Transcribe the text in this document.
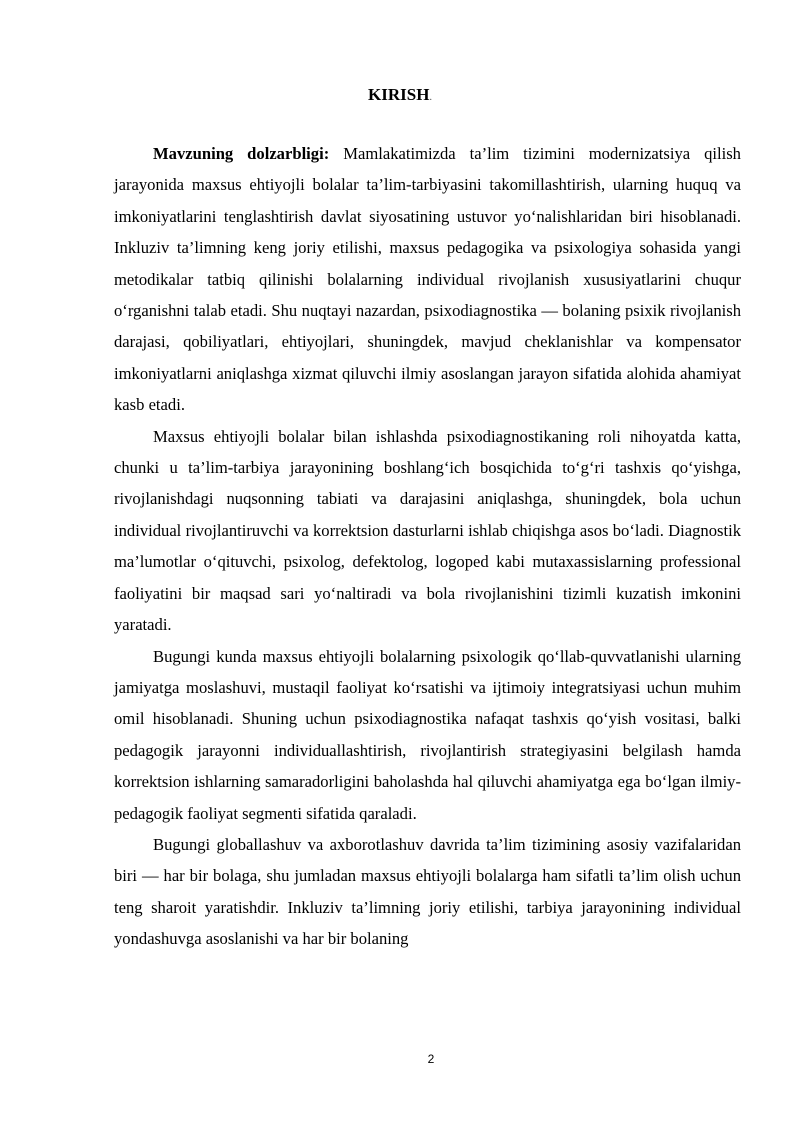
KIRISH.

Mavzuning dolzarbligi: Mamlakatimizda ta’lim tizimini modernizatsiya qilish jarayonida maxsus ehtiyojli bolalar ta’lim-tarbiyasini takomillashtirish, ularning huquq va imkoniyatlarini tenglashtirish davlat siyosatining ustuvor yo‘nalishlaridan biri hisoblanadi. Inkluziv ta’limning keng joriy etilishi, maxsus pedagogika va psixologiya sohasida yangi metodikalar tatbiq qilinishi bolalarning individual rivojlanish xususiyatlarini chuqur o‘rganishni talab etadi. Shu nuqtayi nazardan, psixodiagnostika — bolaning psixik rivojlanish darajasi, qobiliyatlari, ehtiyojlari, shuningdek, mavjud cheklanishlar va kompensator imkoniyatlarni aniqlashga xizmat qiluvchi ilmiy asoslangan jarayon sifatida alohida ahamiyat kasb etadi.

Maxsus ehtiyojli bolalar bilan ishlashda psixodiagnostikaning roli nihoyatda katta, chunki u ta’lim-tarbiya jarayonining boshlang‘ich bosqichida to‘g‘ri tashxis qo‘yishga, rivojlanishdagi nuqsonning tabiati va darajasini aniqlashga, shuningdek, bola uchun individual rivojlantiruvchi va korrektsion dasturlarni ishlab chiqishga asos bo‘ladi. Diagnostik ma’lumotlar o‘qituvchi, psixolog, defektolog, logoped kabi mutaxassislarning professional faoliyatini bir maqsad sari yo‘naltiradi va bola rivojlanishini tizimli kuzatish imkonini yaratadi.

Bugungi kunda maxsus ehtiyojli bolalarning psixologik qo‘llab-quvvatlanishi ularning jamiyatga moslashuvi, mustaqil faoliyat ko‘rsatishi va ijtimoiy integratsiyasi uchun muhim omil hisoblanadi. Shuning uchun psixodiagnostika nafaqat tashxis qo‘yish vositasi, balki pedagogik jarayonni individuallashtirish, rivojlantirish strategiyasini belgilash hamda korrektsion ishlarning samaradorligini baholashda hal qiluvchi ahamiyatga ega bo‘lgan ilmiy-pedagogik faoliyat segmenti sifatida qaraladi.

Bugungi globallashuv va axborotlashuv davrida ta’lim tizimining asosiy vazifalaridan biri — har bir bolaga, shu jumladan maxsus ehtiyojli bolalarga ham sifatli ta’lim olish uchun teng sharoit yaratishdir. Inkluziv ta’limning joriy etilishi, tarbiya jarayonining individual yondashuvga asoslanishi va har bir bolaning

2
